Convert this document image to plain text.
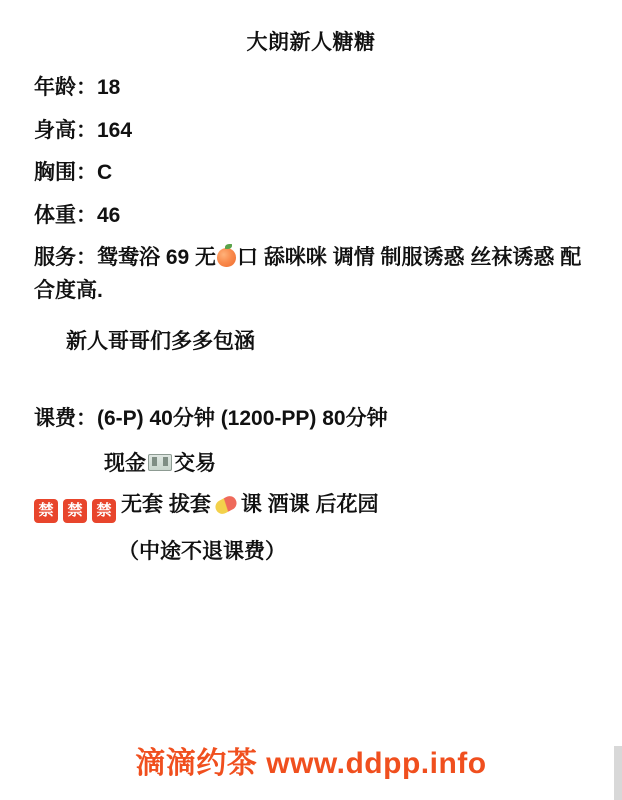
大朗新人糖糖
年龄：18
身高：164
胸围：C
体重：46
服务：鸳鸯浴 69 无 口 舔咪咪 调情 制服诱惑 丝袜诱惑 配合度高.
新人哥哥们多多包涵
课费：(6-P) 40分钟 (1200-PP) 80分钟
现金 交易
禁 禁 禁 无套 拔套 课 酒课 后花园
（中途不退课费）
滴滴约茶 www.ddpp.info
